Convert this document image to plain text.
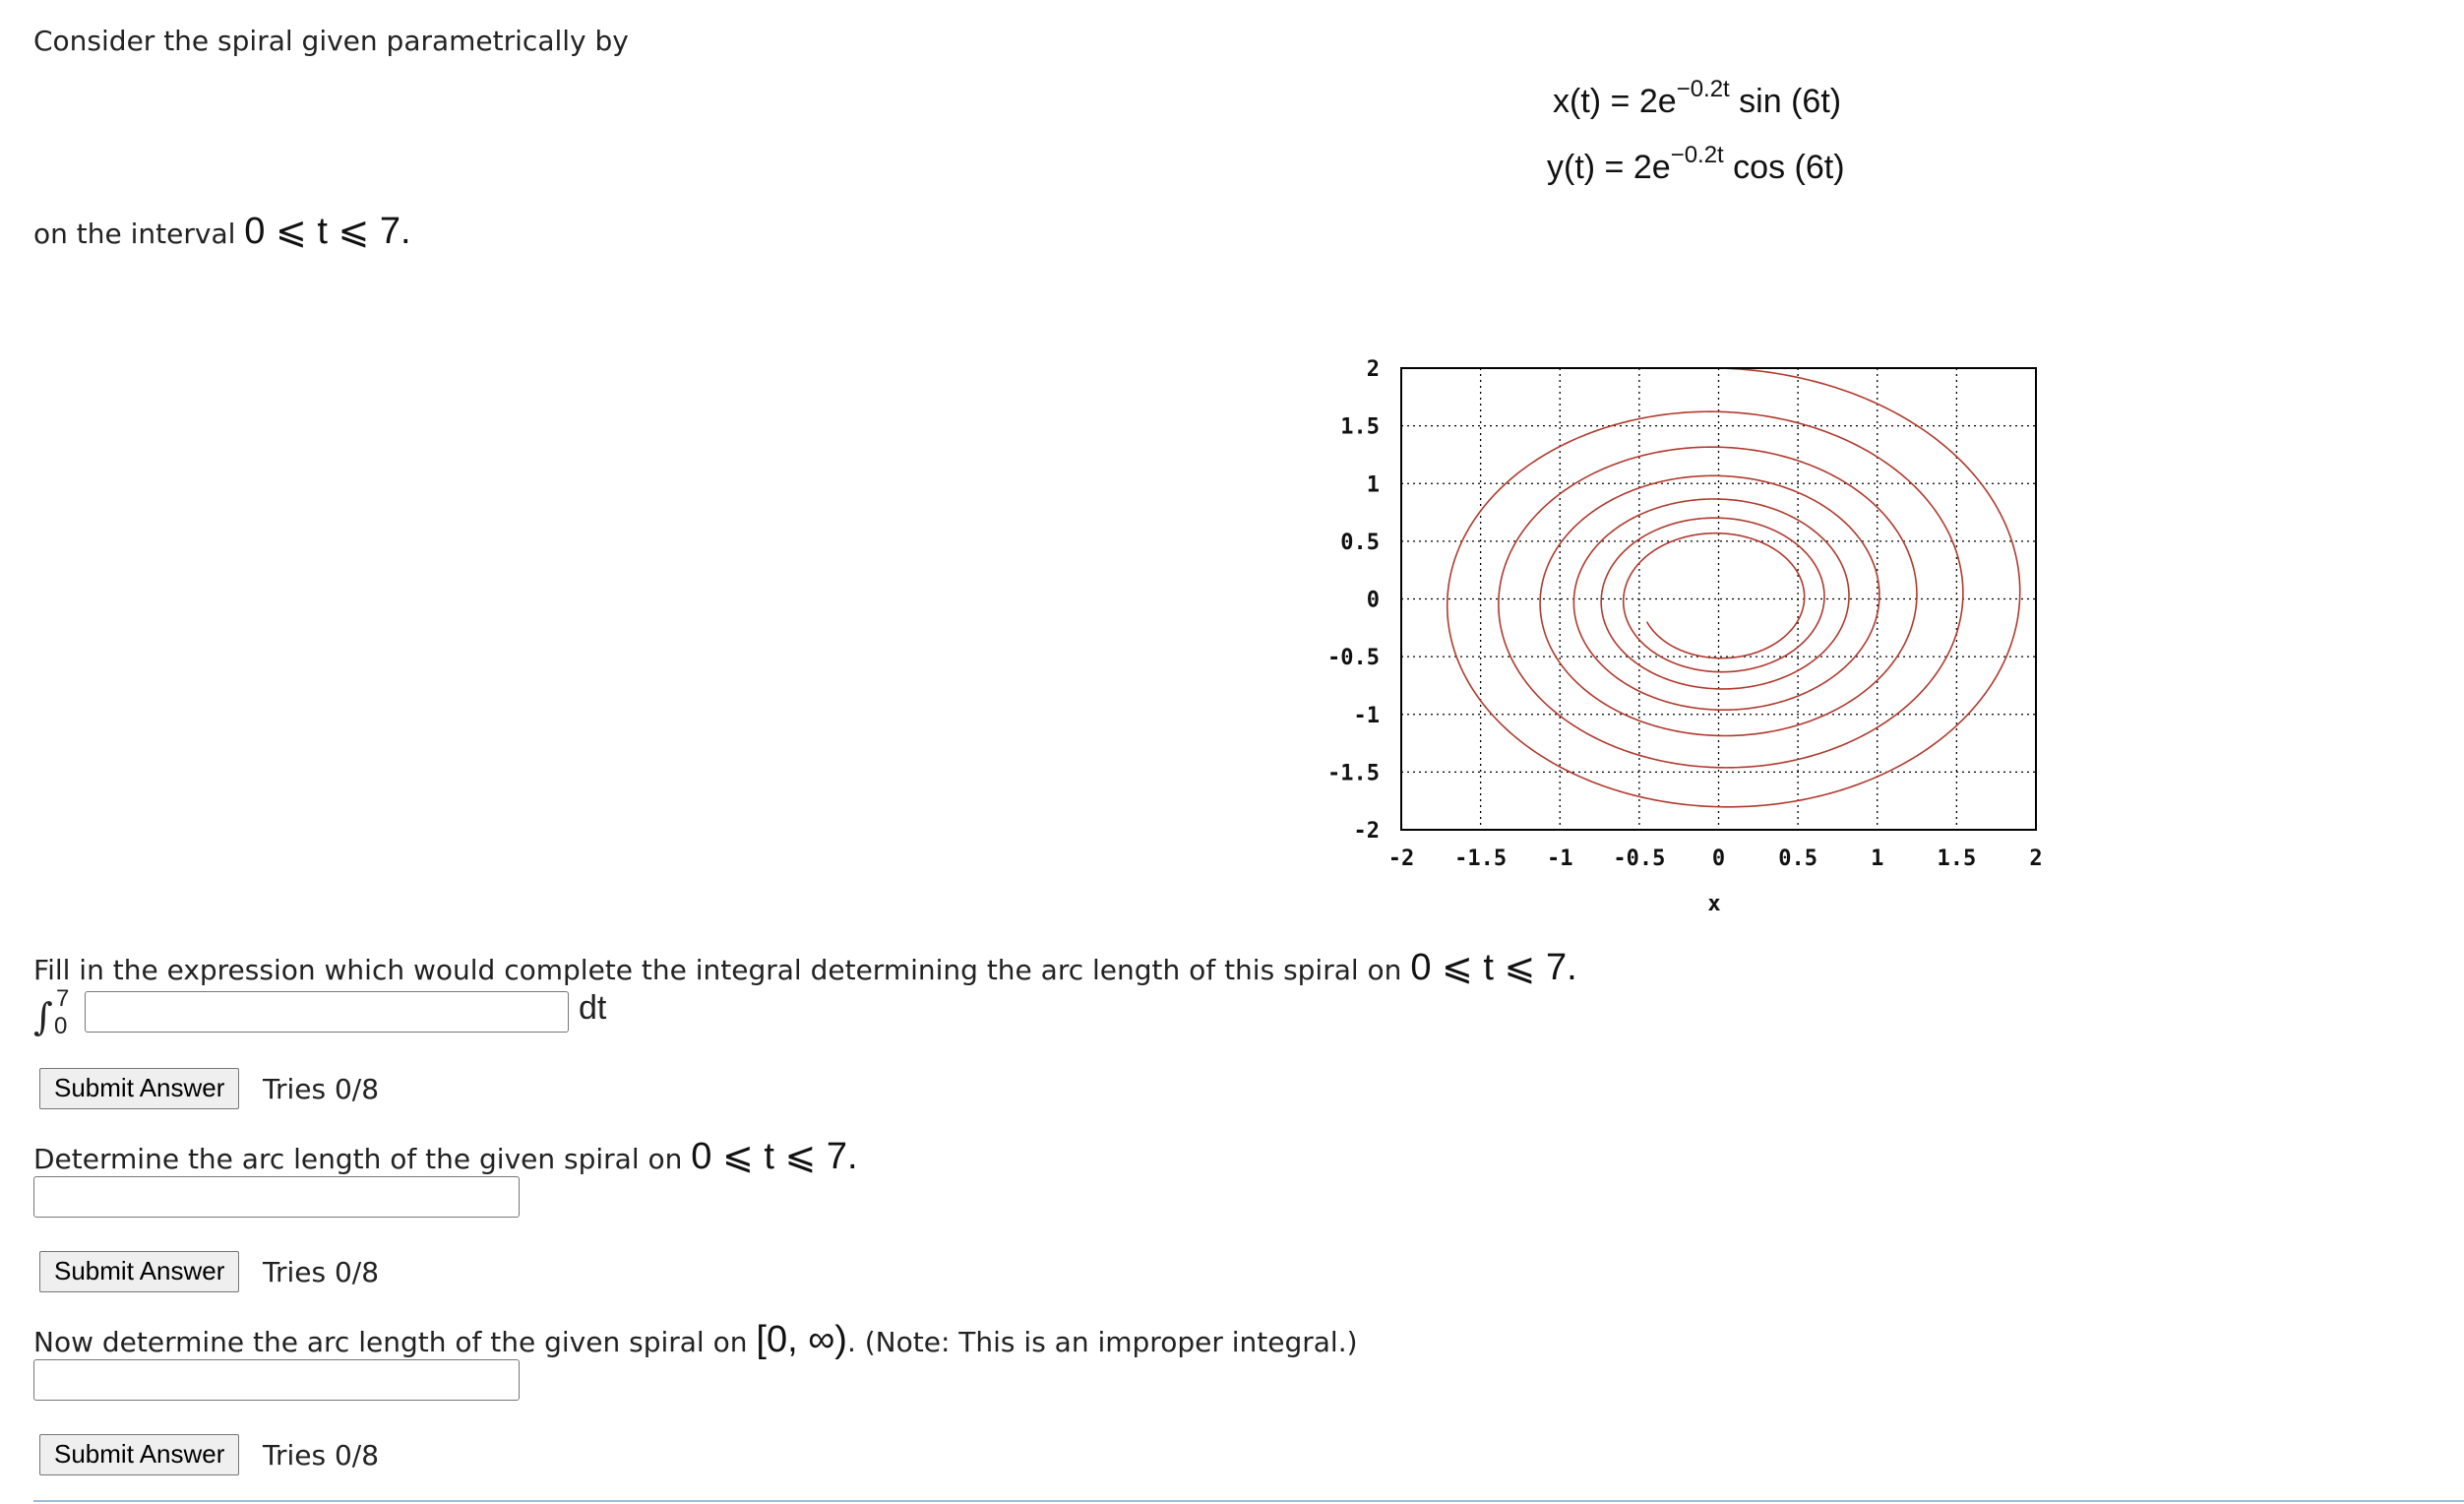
Consider the spiral given parametrically by
$x(t) = 2e^{-0.2t}$ sin (6t)
$y(t) = 2e^{-0.2t}$ cos (6t)
on the interval 0 ⩽ t ⩽ 7.
2
1.5
1
0.5
0
-0.5
-1
-1.5
-2
-2 -1.5 -1 -0.5 0 0.5 1 1.5 2
x
Fill in the expression which would complete the integral determining the arc length of this spiral on 0 ⩽ t ⩽ 7.
∫ 7
0	dt
Submit Answer	Tries 0/8
Determine the arc length of the given spiral on 0 ⩽ t ⩽ 7.
Submit Answer	Tries 0/8
Now determine the arc length of the given spiral on [0, ∞). (Note: This is an improper integral.)
Submit Answer	Tries 0/8
